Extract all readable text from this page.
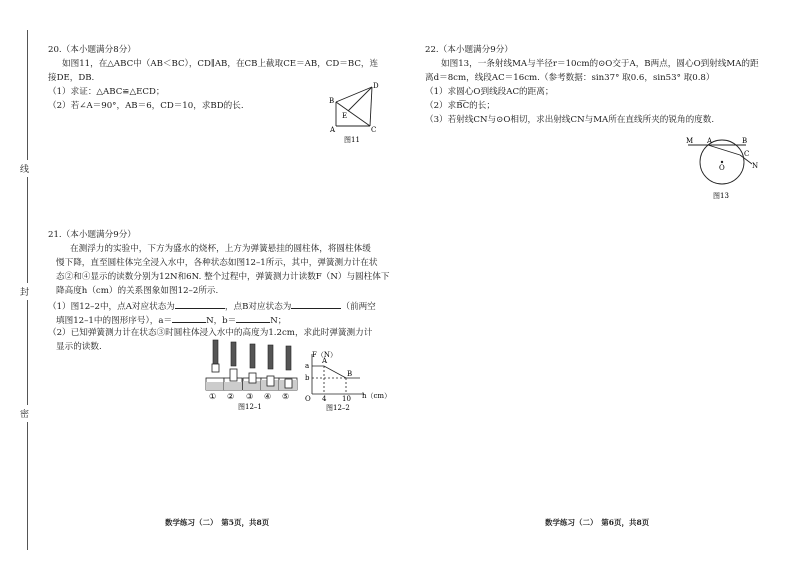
线
封
密
20.（本小题满分8分）
如图11，在△ABC中（AB＜BC），CD∥AB，在CB上截取CE＝AB，CD＝BC，连
接DE，DB.
（1）求证：△ABC≌△ECD；
（2）若∠A＝90°，AB＝6，CD＝10，求BD的长.	B
D
E
A	C
图11
21.（本小题满分9分）
在测浮力的实验中，下方为盛水的烧杯，上方为弹簧悬挂的圆柱体，将圆柱体缓
慢下降，直至圆柱体完全浸入水中，各种状态如图12–1所示，其中，弹簧测力计在状
态②和④显示的读数分别为12N和6N. 整个过程中，弹簧测力计读数F（N）与圆柱体下
降高度h（cm）的关系图象如图12–2所示.
（1）图12–2中，点A对应状态为	，点B对应状态为	（前两空
填图12–1中的图形序号），a＝	N，b＝	N；
（2）已知弹簧测力计在状态③时圆柱体浸入水中的高度为1.2cm，求此时弹簧测力计
显示的读数.
① ② ③ ④ ⑤
图12–1
F（N）
a
b
A
B
O 4 10 h（cm）
图12–2
22.（本小题满分9分）
如图13，一条射线MA与半径r＝10cm的⊙O交于A，B两点，圆心O到射线MA的距
离d＝8cm，线段AC＝16cm.（参考数据：sin37° 取0.6，sin53° 取0.8）
（1）求圆心O到线段AC的距离；
（2）求B͡C的长；
（3）若射线CN与⊙O相切，求出射线CN与MA所在直线所夹的锐角的度数.
M A	B
C
N
O
图13
数学练习（二）　第5页，共8页	数学练习（二）　第6页，共8页
